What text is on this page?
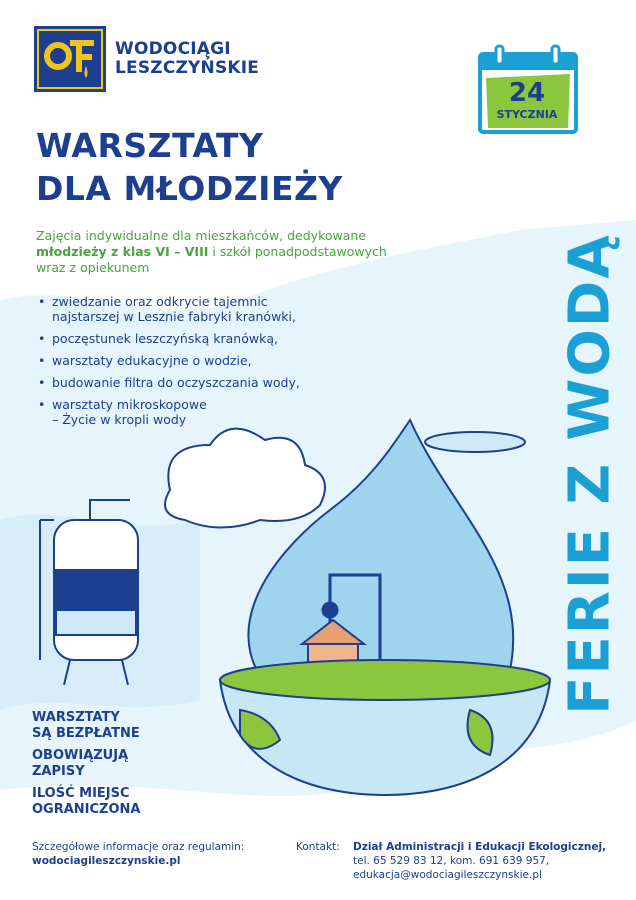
WODOCIĄGI
LESZCZYŃSKIE
24
STYCZNIA
WARSZTATY
DLA MŁODZIEŻY
Zajęcia indywidualne dla mieszkańców, dedykowane
młodzieży z klas VI – VIII i szkół ponadpodstawowych
wraz z opiekunem
• zwiedzanie oraz odkrycie tajemnic
najstarszej w Lesznie fabryki kranówki,
• poczęstunek leszczyńską kranówką,
• warsztaty edukacyjne o wodzie,
• budowanie filtra do oczyszczania wody,
• warsztaty mikroskopowe
– Życie w kropli wody	FERIE Z WODĄ

WARSZTATY
SĄ BEZPŁATNE

OBOWIĄZUJĄ
ZAPISY

ILOŚĆ MIEJSC
OGRANICZONA

Szczegółowe informacje oraz regulamin:
wodociagileszczynskie.pl
Kontakt: Dział Administracji i Edukacji Ekologicznej,
tel. 65 529 83 12, kom. 691 639 957,
edukacja@wodociagileszczynskie.pl
